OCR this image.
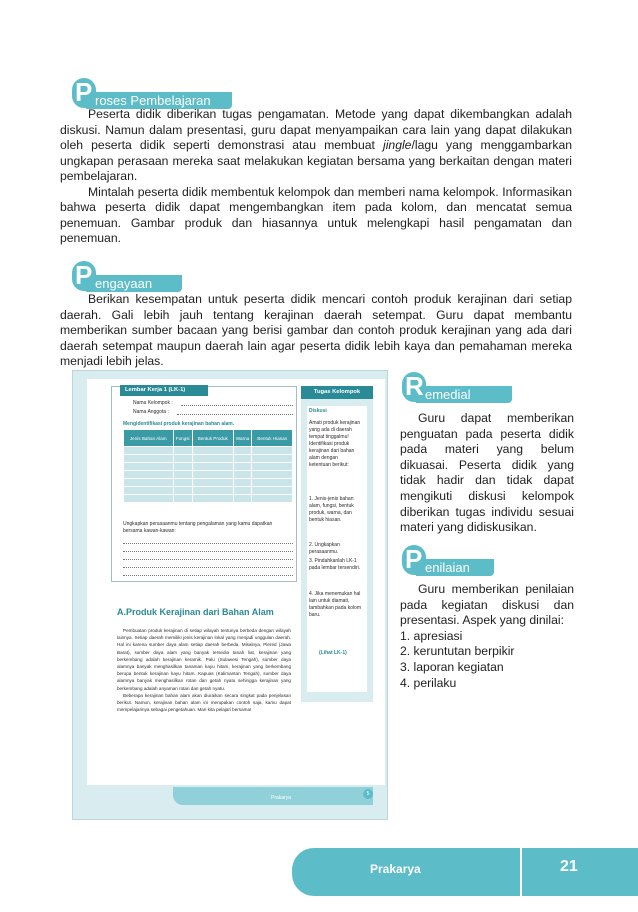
P roses Pembelajaran

Peserta didik diberikan tugas pengamatan. Metode yang dapat dikembangkan adalah diskusi. Namun dalam presentasi, guru dapat menyampaikan cara lain yang dapat dilakukan oleh peserta didik seperti demonstrasi atau membuat jingle/lagu yang menggambarkan ungkapan perasaan mereka saat melakukan kegiatan bersama yang berkaitan dengan materi pembelajaran.

Mintalah peserta didik membentuk kelompok dan memberi nama kelompok. Informasikan bahwa peserta didik dapat mengembangkan item pada kolom, dan mencatat semua penemuan. Gambar produk dan hiasannya untuk melengkapi hasil pengamatan dan penemuan.

P engayaan

Berikan kesempatan untuk peserta didik mencari contoh produk kerajinan dari setiap daerah. Gali lebih jauh tentang kerajinan daerah setempat. Guru dapat membantu memberikan sumber bacaan yang berisi gambar dan contoh produk kerajinan yang ada dari daerah setempat maupun daerah lain agar peserta didik lebih kaya dan pemahaman mereka menjadi lebih jelas.

Lembar Kerja 1 (LK-1)
Nama Kelompok :
Nama Anggota :
Mengidentifikasi produk kerajinan bahan alam.
Jenis Bahan Alam	Fungsi	Bentuk Produk	Warna	Bentuk Hiasan

Ungkapkan perasaanmu tentang pengalaman yang kamu dapatkan bersama kawan-kawan:
Tugas Kelompok
Diskusi
Amati produk kerajinan yang ada di daerah tempat tinggalmu! Identifikasi produk kerajinan dari bahan alam dengan ketentuan berikut:
1. Jenis-jenis bahan alam, fungsi, bentuk produk, warna, dan bentuk hiasan.
2. Ungkapkan perasaanmu.
3. Pindahkanlah LK-1 pada lembar tersendiri.
4. Jika menemukan hal lain untuk diamati, tambahkan pada kolom baru.
(Lihat LK-1)
A.Produk Kerajinan dari Bahan Alam

Pembuatan produk kerajinan di setiap wilayah tentunya berbeda dengan wilayah lainnya. Setiap daerah memiliki jenis kerajinan lokal yang menjadi unggulan daerah. Hal ini karena sumber daya alam setiap daerah berbeda. Misalnya, Plered (Jawa Barat), sumber daya alam yang banyak tersedia tanah liat, kerajinan yang berkembang adalah kerajinan keramik. Palu (Sulawesi Tengah), sumber daya alamnya banyak menghasilkan tanaman kayu hitam, kerajinan yang berkembang berupa bentuk kerajinan kayu hitam. Kapuas (Kalimantan Tengah), sumber daya alamnya banyak menghasilkan rotan dan getah nyatu sehingga kerajinan yang berkembang adalah anyaman rotan dan getah nyatu.

Beberapa kerajinan bahan alam akan diuraikan secara singkat pada penjelasan berikut. Namun, kerajinan bahan alam ini merupakan contoh saja, kamu dapat mempelajarinya sebagai pengetahuan. Mari kita pelajari bersama!

Prakarya
5
R emedial

Guru dapat memberikan penguatan pada peserta didik pada materi yang belum dikuasai. Peserta didik yang tidak hadir dan tidak dapat mengikuti diskusi kelompok diberikan tugas individu sesuai materi yang didiskusikan.

P enilaian

Guru memberikan penilaian pada kegiatan diskusi dan presentasi. Aspek yang dinilai:

1. apresiasi
2. keruntutan berpikir
3. laporan kegiatan
4. perilaku
Prakarya	21
